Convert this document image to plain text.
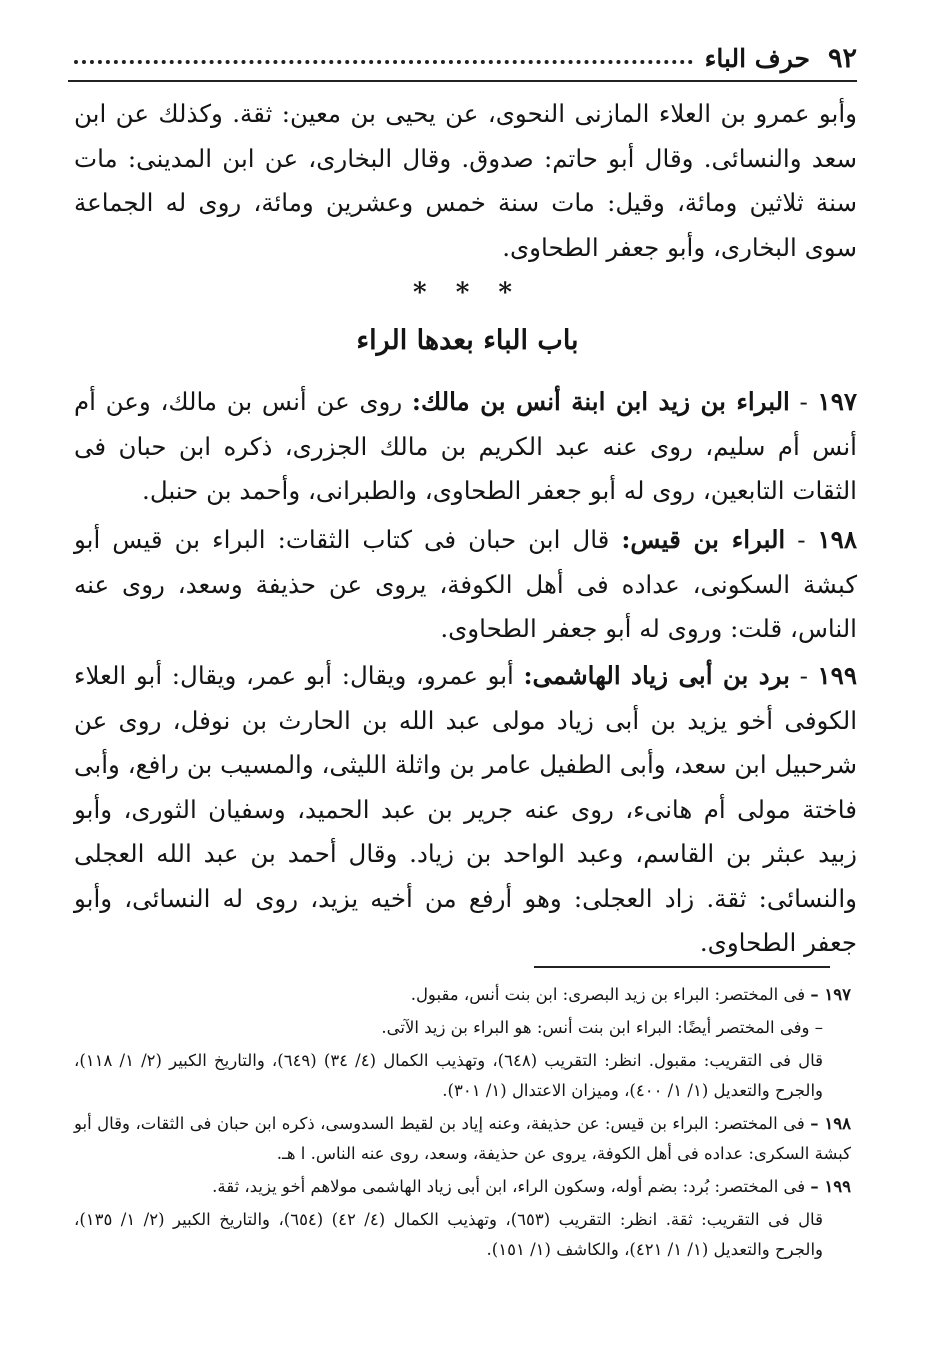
٩٢
حرف الباء
وأبو عمرو بن العلاء المازنى النحوى، عن يحيى بن معين: ثقة. وكذلك عن ابن سعد والنسائى. وقال أبو حاتم: صدوق. وقال البخارى، عن ابن المدينى: مات سنة ثلاثين ومائة، وقيل: مات سنة خمس وعشرين ومائة، روى له الجماعة سوى البخارى، وأبو جعفر الطحاوى.
* * *
باب الباء بعدها الراء
١٩٧ - البراء بن زيد ابن ابنة أنس بن مالك: روى عن أنس بن مالك، وعن أم أنس أم سليم، روى عنه عبد الكريم بن مالك الجزرى، ذكره ابن حبان فى الثقات التابعين، روى له أبو جعفر الطحاوى، والطبرانى، وأحمد بن حنبل.
١٩٨ - البراء بن قيس: قال ابن حبان فى كتاب الثقات: البراء بن قيس أبو كبشة السكونى، عداده فى أهل الكوفة، يروى عن حذيفة وسعد، روى عنه الناس، قلت: وروى له أبو جعفر الطحاوى.
١٩٩ - برد بن أبى زياد الهاشمى: أبو عمرو، ويقال: أبو عمر، ويقال: أبو العلاء الكوفى أخو يزيد بن أبى زياد مولى عبد الله بن الحارث بن نوفل، روى عن شرحبيل ابن سعد، وأبى الطفيل عامر بن واثلة الليثى، والمسيب بن رافع، وأبى فاختة مولى أم هانىء، روى عنه جرير بن عبد الحميد، وسفيان الثورى، وأبو زبيد عبثر بن القاسم، وعبد الواحد بن زياد. وقال أحمد بن عبد الله العجلى والنسائى: ثقة. زاد العجلى: وهو أرفع من أخيه يزيد، روى له النسائى، وأبو جعفر الطحاوى.

١٩٧ – فى المختصر: البراء بن زيد البصرى: ابن بنت أنس، مقبول.

– وفى المختصر أيضًا: البراء ابن بنت أنس: هو البراء بن زيد الآتى.

قال فى التقريب: مقبول. انظر: التقريب (٦٤٨)، وتهذيب الكمال (٤/ ٣٤) (٦٤٩)، والتاريخ الكبير (٢/ ١/ ١١٨)، والجرح والتعديل (١/ ١/ ٤٠٠)، وميزان الاعتدال (١/ ٣٠١).

١٩٨ – فى المختصر: البراء بن قيس: عن حذيفة، وعنه إياد بن لقيط السدوسى، ذكره ابن حبان فى الثقات، وقال أبو كبشة السكرى: عداده فى أهل الكوفة، يروى عن حذيفة، وسعد، روى عنه الناس. ا هـ.

١٩٩ – فى المختصر: بُرد: بضم أوله، وسكون الراء، ابن أبى زياد الهاشمى مولاهم أخو يزيد، ثقة.

قال فى التقريب: ثقة. انظر: التقريب (٦٥٣)، وتهذيب الكمال (٤/ ٤٢) (٦٥٤)، والتاريخ الكبير (٢/ ١/ ١٣٥)، والجرح والتعديل (١/ ١/ ٤٢١)، والكاشف (١/ ١٥١).
